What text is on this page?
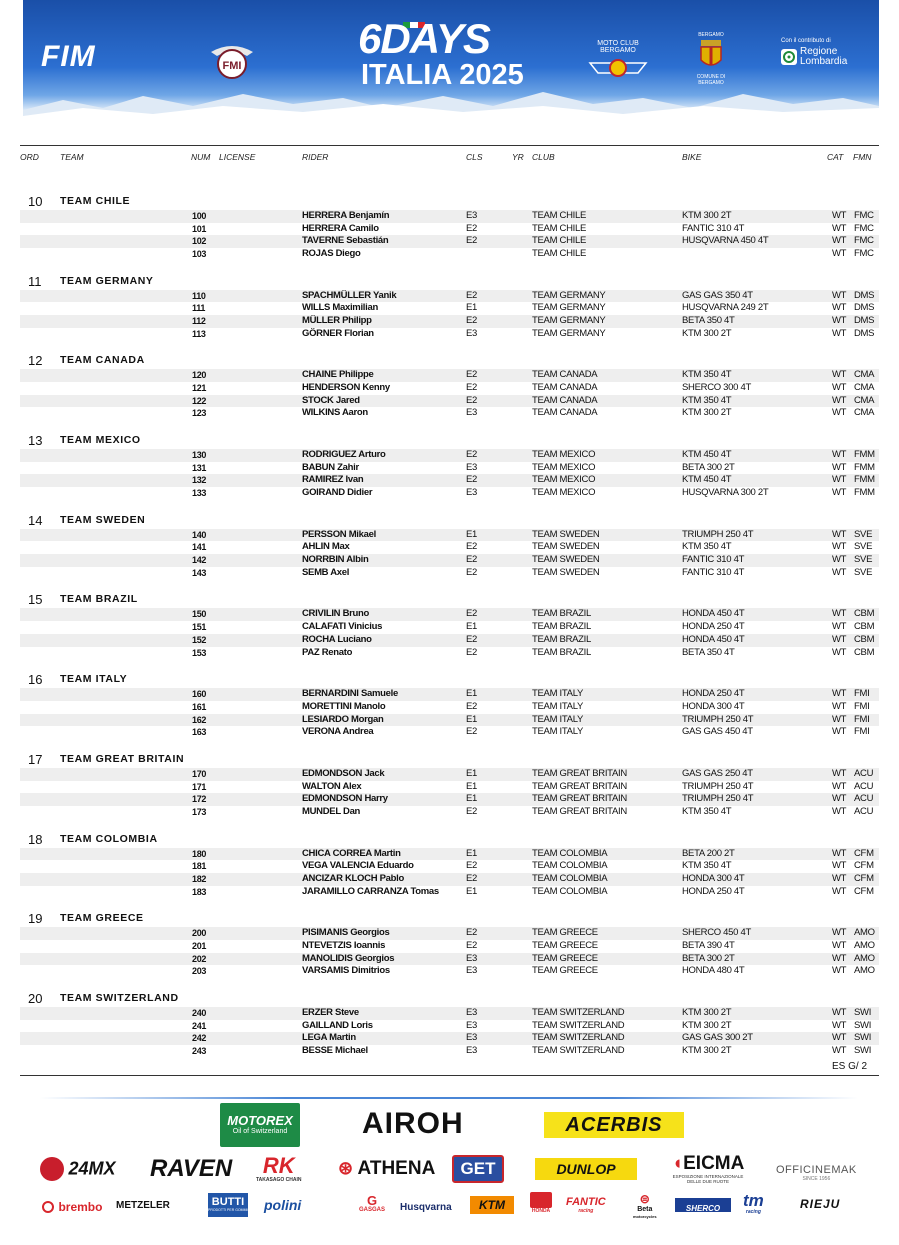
FIM	FMI
6DAYS
ITALIA 2025
MOTO CLUB BERGAMO
BERGAMO
COMUNE DI BERGAMO
Con il contributo di
Regione
Lombardia
ORD TEAM	NUM LICENSE	RIDER	CLS	YR CLUB	BIKE	CAT FMN
10 TEAM CHILE
100	HERRERA Benjamín	E3	TEAM CHILE	KTM 300 2T	WT FMC
101	HERRERA Camilo	E2	TEAM CHILE	FANTIC 310 4T	WT FMC
102	TAVERNE Sebastián	E2	TEAM CHILE	HUSQVARNA 450 4T	WT FMC
103	ROJAS Diego	TEAM CHILE	WT FMC
11 TEAM GERMANY
110	SPACHMÜLLER Yanik	E2	TEAM GERMANY	GAS GAS 350 4T	WT DMS
111	WILLS Maximilian	E1	TEAM GERMANY	HUSQVARNA 249 2T	WT DMS
112	MÜLLER Philipp	E2	TEAM GERMANY	BETA 350 4T	WT DMS
113	GÖRNER Florian	E3	TEAM GERMANY	KTM 300 2T	WT DMS
12 TEAM CANADA
120	CHAINE Philippe	E2	TEAM CANADA	KTM 350 4T	WT CMA
121	HENDERSON Kenny	E2	TEAM CANADA	SHERCO 300 4T	WT CMA
122	STOCK Jared	E2	TEAM CANADA	KTM 350 4T	WT CMA
123	WILKINS Aaron	E3	TEAM CANADA	KTM 300 2T	WT CMA
13 TEAM MEXICO
130	RODRIGUEZ Arturo	E2	TEAM MEXICO	KTM 450 4T	WT FMM
131	BABUN Zahir	E3	TEAM MEXICO	BETA 300 2T	WT FMM
132	RAMIREZ Ivan	E2	TEAM MEXICO	KTM 450 4T	WT FMM
133	GOIRAND Didier	E3	TEAM MEXICO	HUSQVARNA 300 2T	WT FMM
14 TEAM SWEDEN
140	PERSSON Mikael	E1	TEAM SWEDEN	TRIUMPH 250 4T	WT SVE
141	AHLIN Max	E2	TEAM SWEDEN	KTM 350 4T	WT SVE
142	NORRBIN Albin	E2	TEAM SWEDEN	FANTIC 310 4T	WT SVE
143	SEMB Axel	E2	TEAM SWEDEN	FANTIC 310 4T	WT SVE
15 TEAM BRAZIL
150	CRIVILIN Bruno	E2	TEAM BRAZIL	HONDA 450 4T	WT CBM
151	CALAFATI Vinicius	E1	TEAM BRAZIL	HONDA 250 4T	WT CBM
152	ROCHA Luciano	E2	TEAM BRAZIL	HONDA 450 4T	WT CBM
153	PAZ Renato	E2	TEAM BRAZIL	BETA 350 4T	WT CBM
16 TEAM ITALY
160	BERNARDINI Samuele	E1	TEAM ITALY	HONDA 250 4T	WT FMI
161	MORETTINI Manolo	E2	TEAM ITALY	HONDA 300 4T	WT FMI
162	LESIARDO Morgan	E1	TEAM ITALY	TRIUMPH 250 4T	WT FMI
163	VERONA Andrea	E2	TEAM ITALY	GAS GAS 450 4T	WT FMI
17 TEAM GREAT BRITAIN
170	EDMONDSON Jack	E1	TEAM GREAT BRITAIN	GAS GAS 250 4T	WT ACU
171	WALTON Alex	E1	TEAM GREAT BRITAIN	TRIUMPH 250 4T	WT ACU
172	EDMONDSON Harry	E1	TEAM GREAT BRITAIN	TRIUMPH 250 4T	WT ACU
173	MUNDEL Dan	E2	TEAM GREAT BRITAIN	KTM 350 4T	WT ACU
18 TEAM COLOMBIA
180	CHICA CORREA Martin	E1	TEAM COLOMBIA	BETA 200 2T	WT CFM
181	VEGA VALENCIA Eduardo	E2	TEAM COLOMBIA	KTM 350 4T	WT CFM
182	ANCIZAR KLOCH Pablo	E2	TEAM COLOMBIA	HONDA 300 4T	WT CFM
183	JARAMILLO CARRANZA Tomas	E1	TEAM COLOMBIA	HONDA 250 4T	WT CFM
19 TEAM GREECE
200	PISIMANIS Georgios	E2	TEAM GREECE	SHERCO 450 4T	WT AMO
201	NTEVETZIS Ioannis	E2	TEAM GREECE	BETA 390 4T	WT AMO
202	MANOLIDIS Georgios	E3	TEAM GREECE	BETA 300 2T	WT AMO
203	VARSAMIS Dimitrios	E3	TEAM GREECE	HONDA 480 4T	WT AMO
20 TEAM SWITZERLAND
240	ERZER Steve	E3	TEAM SWITZERLAND	KTM 300 2T	WT SWI
241	GAILLAND Loris	E3	TEAM SWITZERLAND	KTM 300 2T	WT SWI
242	LEGA Martin	E3	TEAM SWITZERLAND	GAS GAS 300 2T	WT SWI
243	BESSE Michael	E3	TEAM SWITZERLAND	KTM 300 2T	WT SWI
ES G/ 2
MOTOREX
Oil of Switzerland	AIROH	ACERBIS
24MX RAVEN	RK
TAKASAGO CHAIN
⊛ ATHENA	GET	DUNLOP	◖EICMA
ESPOSIZIONE INTERNAZIONALE DELLE DUE RUOTE
OFFICINEMAK
SINCE 1956
brembo METZELER	BUTTI
PRODOTTI PER GOMMISTI polini	G
GASGAS	Husqvarna	KTM	HONDA
FANTIC
racing
⊜
Beta
motorcycles
SHERCO	tm
racing
RIEJU
